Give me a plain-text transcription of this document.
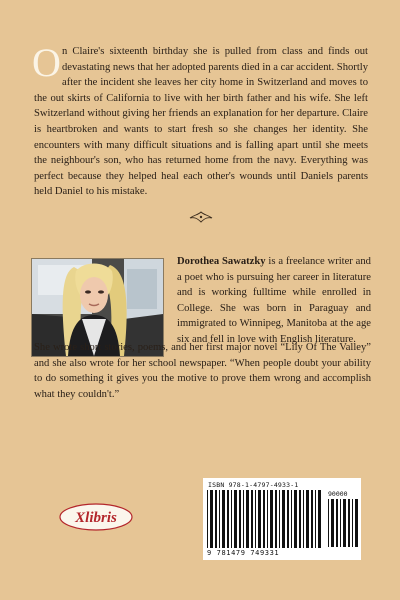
On Claire's sixteenth birthday she is pulled from class and finds out devastating news that her adopted parents died in a car accident. Shortly after the incident she leaves her city home in Switzerland and moves to the out skirts of California to live with her birth father and his wife. She left Switzerland without giving her friends an explanation for her departure. Claire is heartbroken and wants to start fresh so she changes her identity. She encounters with many difficult situations and is falling apart until she meets the neighbour's son, who has returned home from the navy. Everything was perfect because they helped heal each other's wounds until Daniels parents held Daniel to his mistake.
Dorothea Sawatzky is a freelance writer and a poet who is pursuing her career in literature and is working fulltime while enrolled in College. She was born in Paraguay and immigrated to Winnipeg, Manitoba at the age six and fell in love with English literature.
She wrote short stories, poems, and her first major novel “Lily Of The Valley” and she also wrote for her school newspaper. “When people doubt your ability to do something it gives you the motive to prove them wrong and accomplish what they couldn't.”
Xlibris
ISBN 978-1-4797-4933-1
90000
9 781479 749331
